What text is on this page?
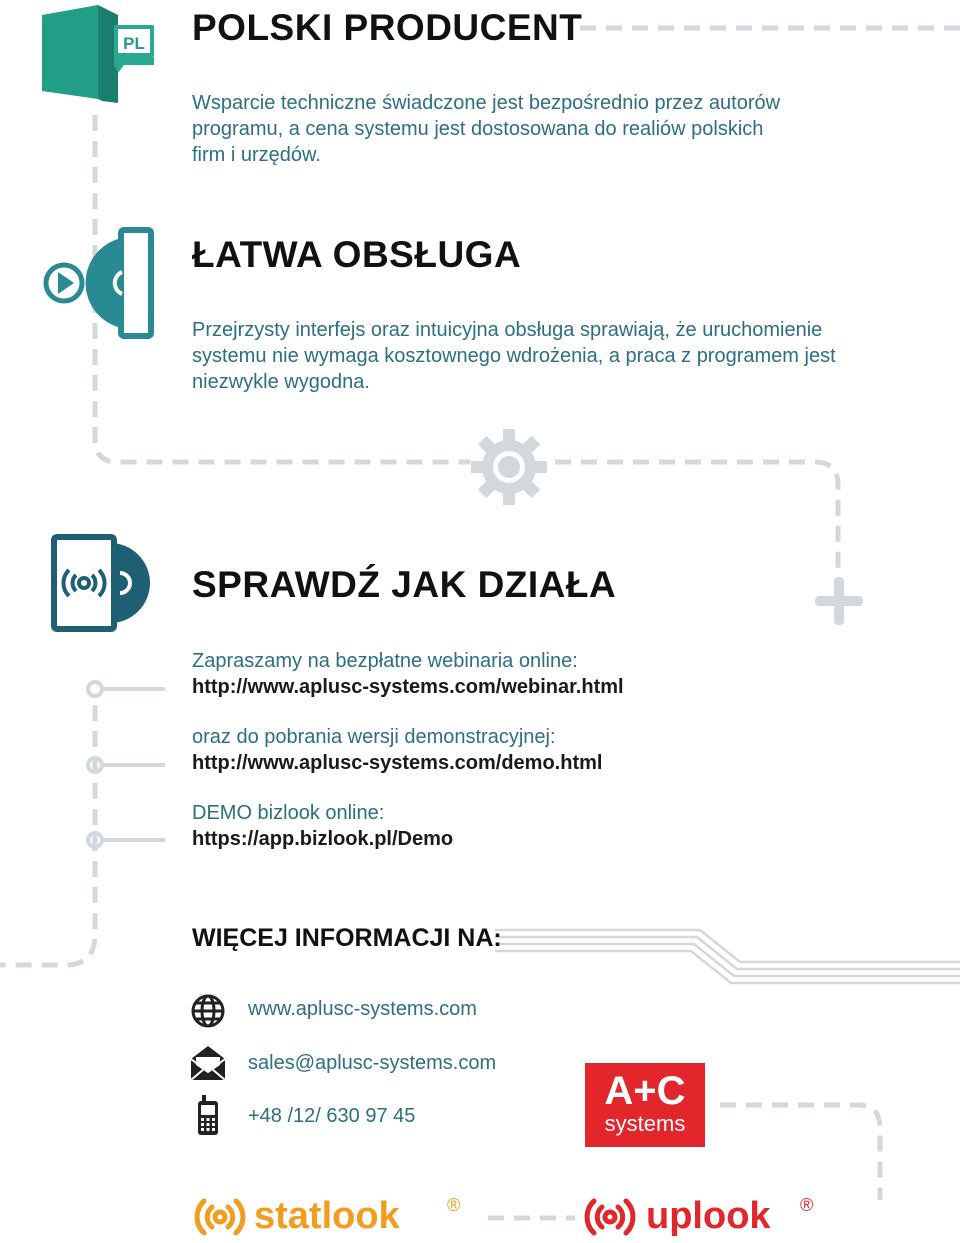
PL POLSKI PRODUCENT

Wsparcie techniczne świadczone jest bezpośrednio przez autorów
programu, a cena systemu jest dostosowana do realiów polskich
firm i urzędów.

ŁATWA OBSŁUGA

Przejrzysty interfejs oraz intuicyjna obsługa sprawiają, że uruchomienie
systemu nie wymaga kosztownego wdrożenia, a praca z programem jest
niezwykle wygodna.

SPRAWDŹ JAK DZIAŁA
Zapraszamy na bezpłatne webinaria online:
http://www.aplusc-systems.com/webinar.html
oraz do pobrania wersji demonstracyjnej:
http://www.aplusc-systems.com/demo.html
DEMO bizlook online:
https://app.bizlook.pl/Demo
WIĘCEJ INFORMACJI NA:
www.aplusc-systems.com
sales@aplusc-systems.com
+48 /12/ 630 97 45
A+C
systems
statlook	®	uplook ®
